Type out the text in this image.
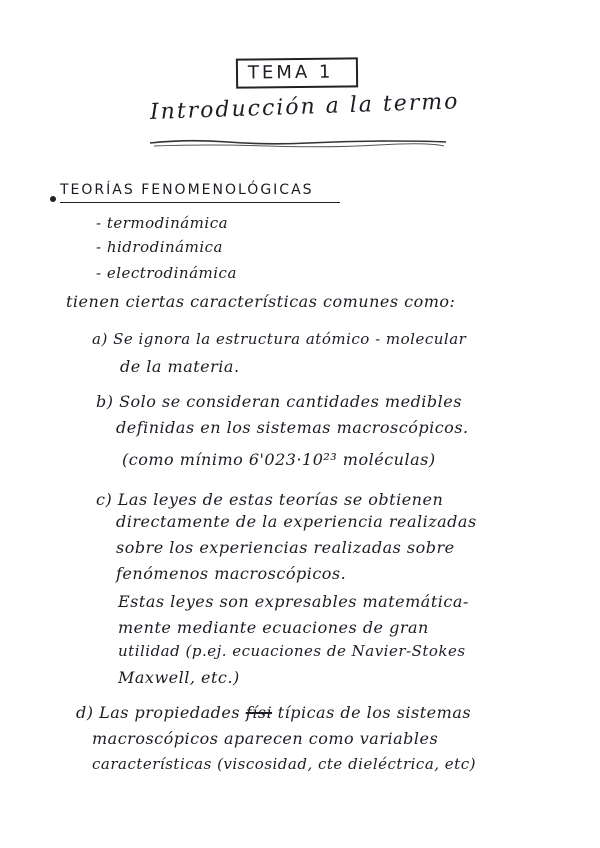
TEMA 1
Introducción a la termo
TEORÍAS FENOMENOLÓGICAS
- termodinámica
- hidrodinámica
- electrodinámica
tienen ciertas características comunes como:
a) Se ignora la estructura atómico - molecular
de la materia.
b) Solo se consideran cantidades medibles
definidas en los sistemas macroscópicos.
(como mínimo 6'023·10²³ moléculas)
c) Las leyes de estas teorías se obtienen
directamente de la experiencia realizadas
sobre los experiencias realizadas sobre
fenómenos macroscópicos.
Estas leyes son expresables matemática-
mente mediante ecuaciones de gran
utilidad (p.ej. ecuaciones de Navier-Stokes
Maxwell, etc.)
d) Las propiedades físi típicas de los sistemas
macroscópicos aparecen como variables
características (viscosidad, cte dieléctrica, etc)
